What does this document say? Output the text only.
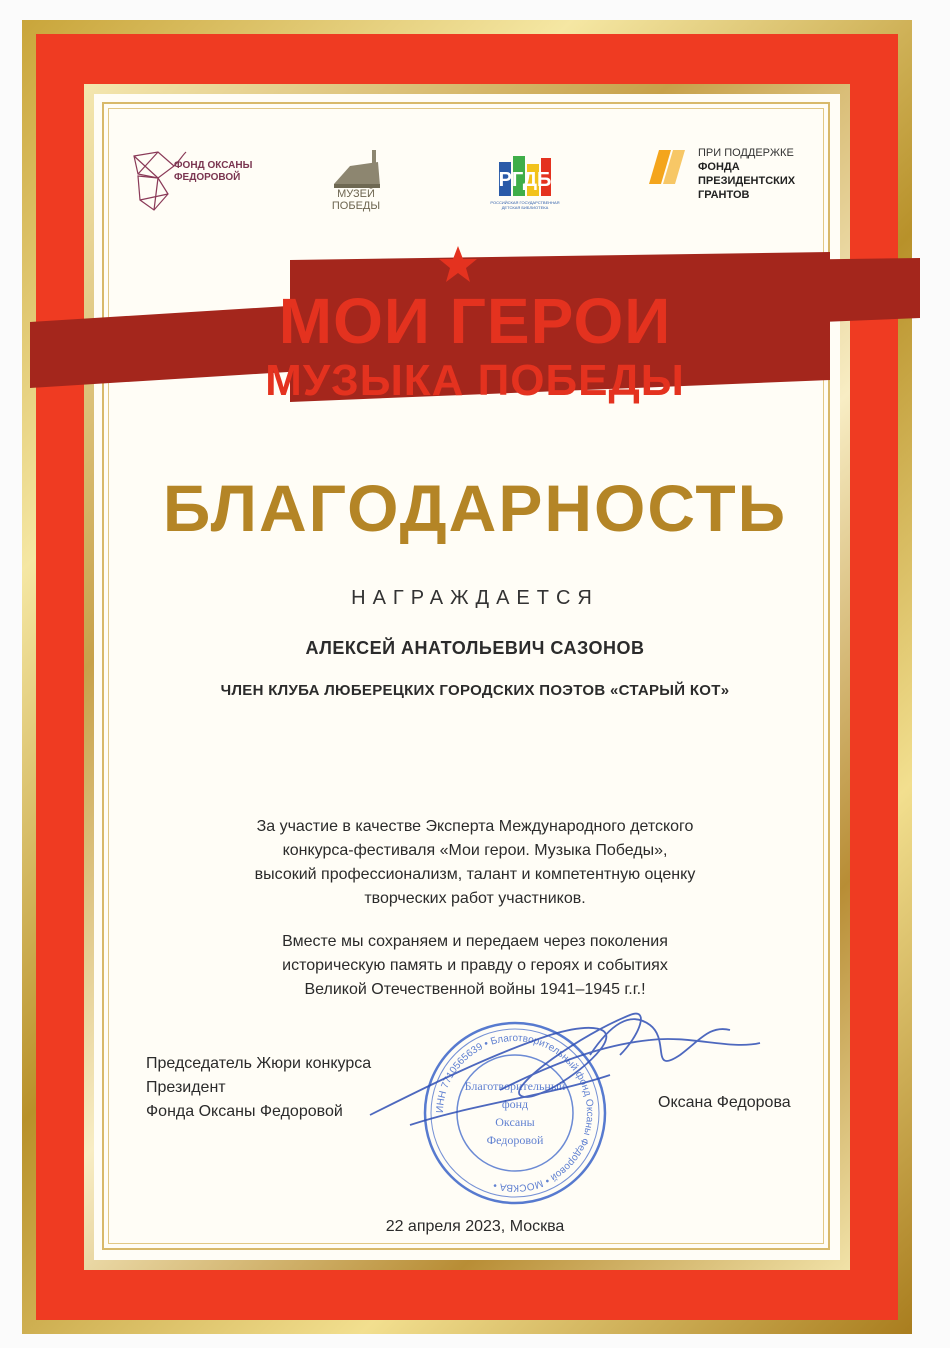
ФОНД ОКСАНЫ ФЕДОРОВОЙ
МУЗЕЙ ПОБЕДЫ
РГДБ
РОССИЙСКАЯ ГОСУДАРСТВЕННАЯ ДЕТСКАЯ БИБЛИОТЕКА
ПРИ ПОДДЕРЖКЕ
ФОНДА
ПРЕЗИДЕНТСКИХ
ГРАНТОВ
МОИ ГЕРОИ
МУЗЫКА ПОБЕДЫ
БЛАГОДАРНОСТЬ
НАГРАЖДАЕТСЯ
АЛЕКСЕЙ АНАТОЛЬЕВИЧ САЗОНОВ
ЧЛЕН КЛУБА ЛЮБЕРЕЦКИХ ГОРОДСКИХ ПОЭТОВ «СТАРЫЙ КОТ»
За участие в качестве Эксперта Международного детского
конкурса-фестиваля «Мои герои. Музыка Победы»,
высокий профессионализм, талант и компетентную оценку
творческих работ участников.
Вместе мы сохраняем и передаем через поколения
историческую память и правду о героях и событиях
Великой Отечественной войны 1941–1945 г.г.!
Председатель Жюри конкурса
Президент
Фонда Оксаны Федоровой	ИНН 7710565639 • Благотворительный фонд Оксаны Федоровой • МОСКВА •
Благотворительный
фонд
Оксаны
Федоровой
Оксана Федорова
22 апреля 2023, Москва
